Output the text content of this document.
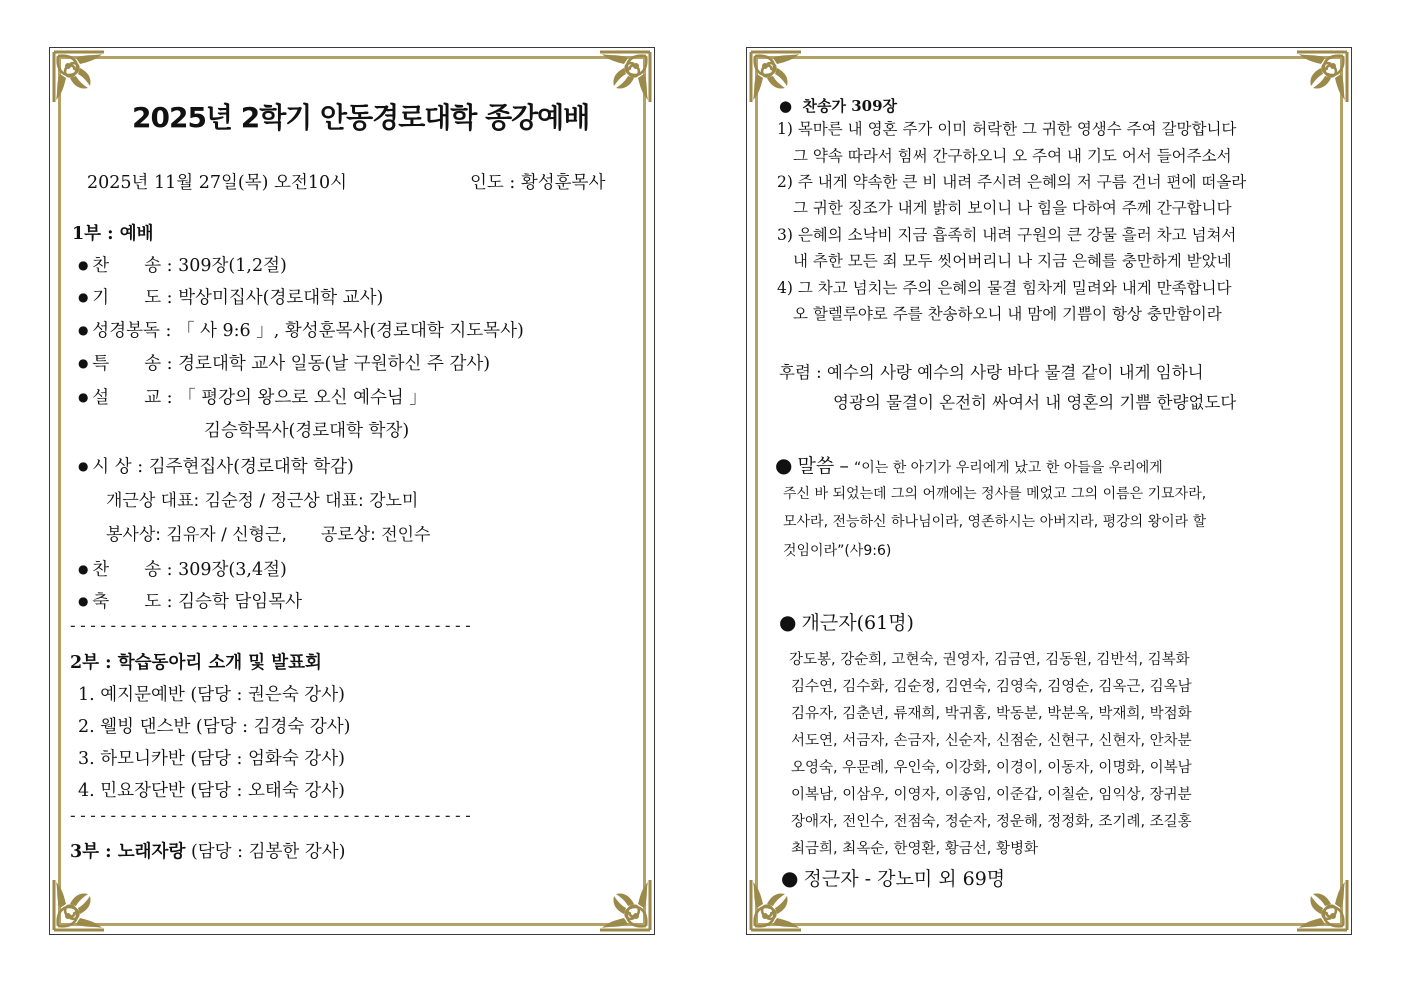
2025년 2학기 안동경로대학 종강예배
2025년 11월 27일(목) 오전10시	인도 : 황성훈목사
1부 : 예배
● 찬　　송 : 309장(1,2절)
● 기　　도 : 박상미집사(경로대학 교사)
● 성경봉독 : 「 사 9:6 」, 황성훈목사(경로대학 지도목사)
● 특　　송 : 경로대학 교사 일동(날 구원하신 주 감사)
● 설　　교 : 「 평강의 왕으로 오신 예수님 」
김승학목사(경로대학 학장)
● 시 상 : 김주현집사(경로대학 학감)
개근상 대표: 김순정 / 정근상 대표: 강노미
봉사상: 김유자 / 신형근,　　공로상: 전인수
● 찬　　송 : 309장(3,4절)
● 축　　도 : 김승학 담임목사
----------------------------------------
2부 : 학습동아리 소개 및 발표회
1. 예지문예반 (담당 : 권은숙 강사)
2. 웰빙 댄스반 (담당 : 김경숙 강사)
3. 하모니카반 (담당 : 엄화숙 강사)
4. 민요장단반 (담당 : 오태숙 강사)
----------------------------------------
3부 : 노래자랑 (담당 : 김봉한 강사)
● 찬송가 309장
1) 목마른 내 영혼 주가 이미 허락한 그 귀한 영생수 주여 갈망합니다
그 약속 따라서 힘써 간구하오니 오 주여 내 기도 어서 들어주소서
2) 주 내게 약속한 큰 비 내려 주시려 은혜의 저 구름 건너 편에 떠올라
그 귀한 징조가 내게 밝히 보이니 나 힘을 다하여 주께 간구합니다
3) 은혜의 소낙비 지금 흡족히 내려 구원의 큰 강물 흘러 차고 넘쳐서
내 추한 모든 죄 모두 씻어버리니 나 지금 은혜를 충만하게 받았네
4) 그 차고 넘치는 주의 은혜의 물결 힘차게 밀려와 내게 만족합니다
오 할렐루야로 주를 찬송하오니 내 맘에 기쁨이 항상 충만함이라
후렴 : 예수의 사랑 예수의 사랑 바다 물결 같이 내게 임하니
영광의 물결이 온전히 싸여서 내 영혼의 기쁨 한량없도다
● 말씀 – “이는 한 아기가 우리에게 났고 한 아들을 우리에게
주신 바 되었는데 그의 어깨에는 정사를 메었고 그의 이름은 기묘자라,
모사라, 전능하신 하나님이라, 영존하시는 아버지라, 평강의 왕이라 할
것임이라”(사9:6)
● 개근자(61명)
강도봉, 강순희, 고현숙, 권영자, 김금연, 김동원, 김반석, 김복화
김수연, 김수화, 김순정, 김연숙, 김영숙, 김영순, 김옥근, 김옥남
김유자, 김춘년, 류재희, 박귀홈, 박동분, 박분옥, 박재희, 박점화
서도연, 서금자, 손금자, 신순자, 신점순, 신현구, 신현자, 안차분
오영숙, 우문례, 우인숙, 이강화, 이경이, 이동자, 이명화, 이복남
이복남, 이삼우, 이영자, 이종임, 이준갑, 이칠순, 임익상, 장귀분
장애자, 전인수, 전점숙, 정순자, 정운해, 정정화, 조기례, 조길홍
최금희, 최옥순, 한영환, 황금선, 황병화
● 정근자 - 강노미 외 69명
